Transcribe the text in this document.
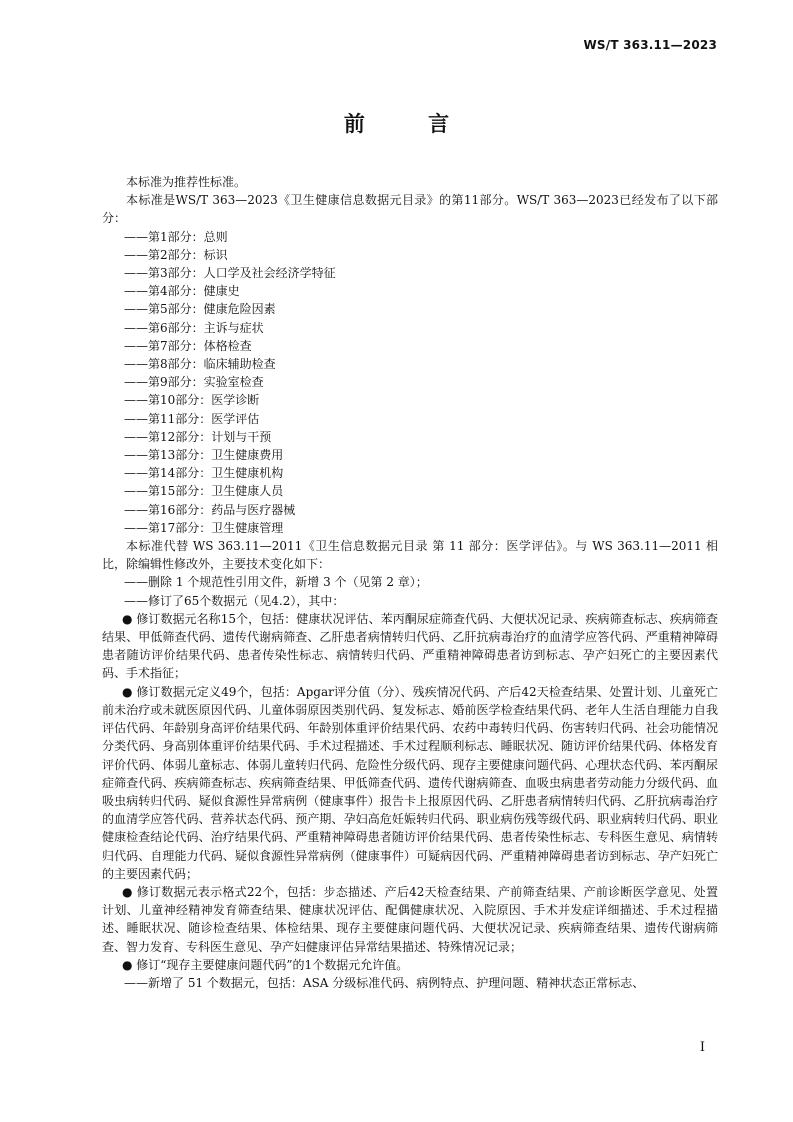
WS/T 363.11—2023
前 言

本标准为推荐性标准。

本标准是WS/T 363—2023《卫生健康信息数据元目录》的第11部分。WS/T 363—2023已经发布了以下部分：

——第1部分：总则

——第2部分：标识

——第3部分：人口学及社会经济学特征

——第4部分：健康史

——第5部分：健康危险因素

——第6部分：主诉与症状

——第7部分：体格检查

——第8部分：临床辅助检查

——第9部分：实验室检查

——第10部分：医学诊断

——第11部分：医学评估

——第12部分：计划与干预

——第13部分：卫生健康费用

——第14部分：卫生健康机构

——第15部分：卫生健康人员

——第16部分：药品与医疗器械

——第17部分：卫生健康管理

本标准代替 WS 363.11—2011《卫生信息数据元目录 第 11 部分：医学评估》。与 WS 363.11—2011 相比，除编辑性修改外，主要技术变化如下：

——删除 1 个规范性引用文件，新增 3 个（见第 2 章）；

——修订了65个数据元（见4.2），其中：

● 修订数据元名称15个，包括：健康状况评估、苯丙酮尿症筛查代码、大便状况记录、疾病筛查标志、疾病筛查结果、甲低筛查代码、遗传代谢病筛查、乙肝患者病情转归代码、乙肝抗病毒治疗的血清学应答代码、严重精神障碍患者随访评价结果代码、患者传染性标志、病情转归代码、严重精神障碍患者访到标志、孕产妇死亡的主要因素代码、手术指征；

● 修订数据元定义49个，包括：Apgar评分值（分）、残疾情况代码、产后42天检查结果、处置计划、儿童死亡前未治疗或未就医原因代码、儿童体弱原因类别代码、复发标志、婚前医学检查结果代码、老年人生活自理能力自我评估代码、年龄别身高评价结果代码、年龄别体重评价结果代码、农药中毒转归代码、伤害转归代码、社会功能情况分类代码、身高别体重评价结果代码、手术过程描述、手术过程顺利标志、睡眠状况、随访评价结果代码、体格发育评价代码、体弱儿童标志、体弱儿童转归代码、危险性分级代码、现存主要健康问题代码、心理状态代码、苯丙酮尿症筛查代码、疾病筛查标志、疾病筛查结果、甲低筛查代码、遗传代谢病筛查、血吸虫病患者劳动能力分级代码、血吸虫病转归代码、疑似食源性异常病例（健康事件）报告卡上报原因代码、乙肝患者病情转归代码、乙肝抗病毒治疗的血清学应答代码、营养状态代码、预产期、孕妇高危妊娠转归代码、职业病伤残等级代码、职业病转归代码、职业健康检查结论代码、治疗结果代码、严重精神障碍患者随访评价结果代码、患者传染性标志、专科医生意见、病情转归代码、自理能力代码、疑似食源性异常病例（健康事件）可疑病因代码、严重精神障碍患者访到标志、孕产妇死亡的主要因素代码；

● 修订数据元表示格式22个，包括：步态描述、产后42天检查结果、产前筛查结果、产前诊断医学意见、处置计划、儿童神经精神发育筛查结果、健康状况评估、配偶健康状况、入院原因、手术并发症详细描述、手术过程描述、睡眠状况、随诊检查结果、体检结果、现存主要健康问题代码、大便状况记录、疾病筛查结果、遗传代谢病筛查、智力发育、专科医生意见、孕产妇健康评估异常结果描述、特殊情况记录；

● 修订“现存主要健康问题代码”的1个数据元允许值。

——新增了 51 个数据元，包括：ASA 分级标准代码、病例特点、护理问题、精神状态正常标志、

I
